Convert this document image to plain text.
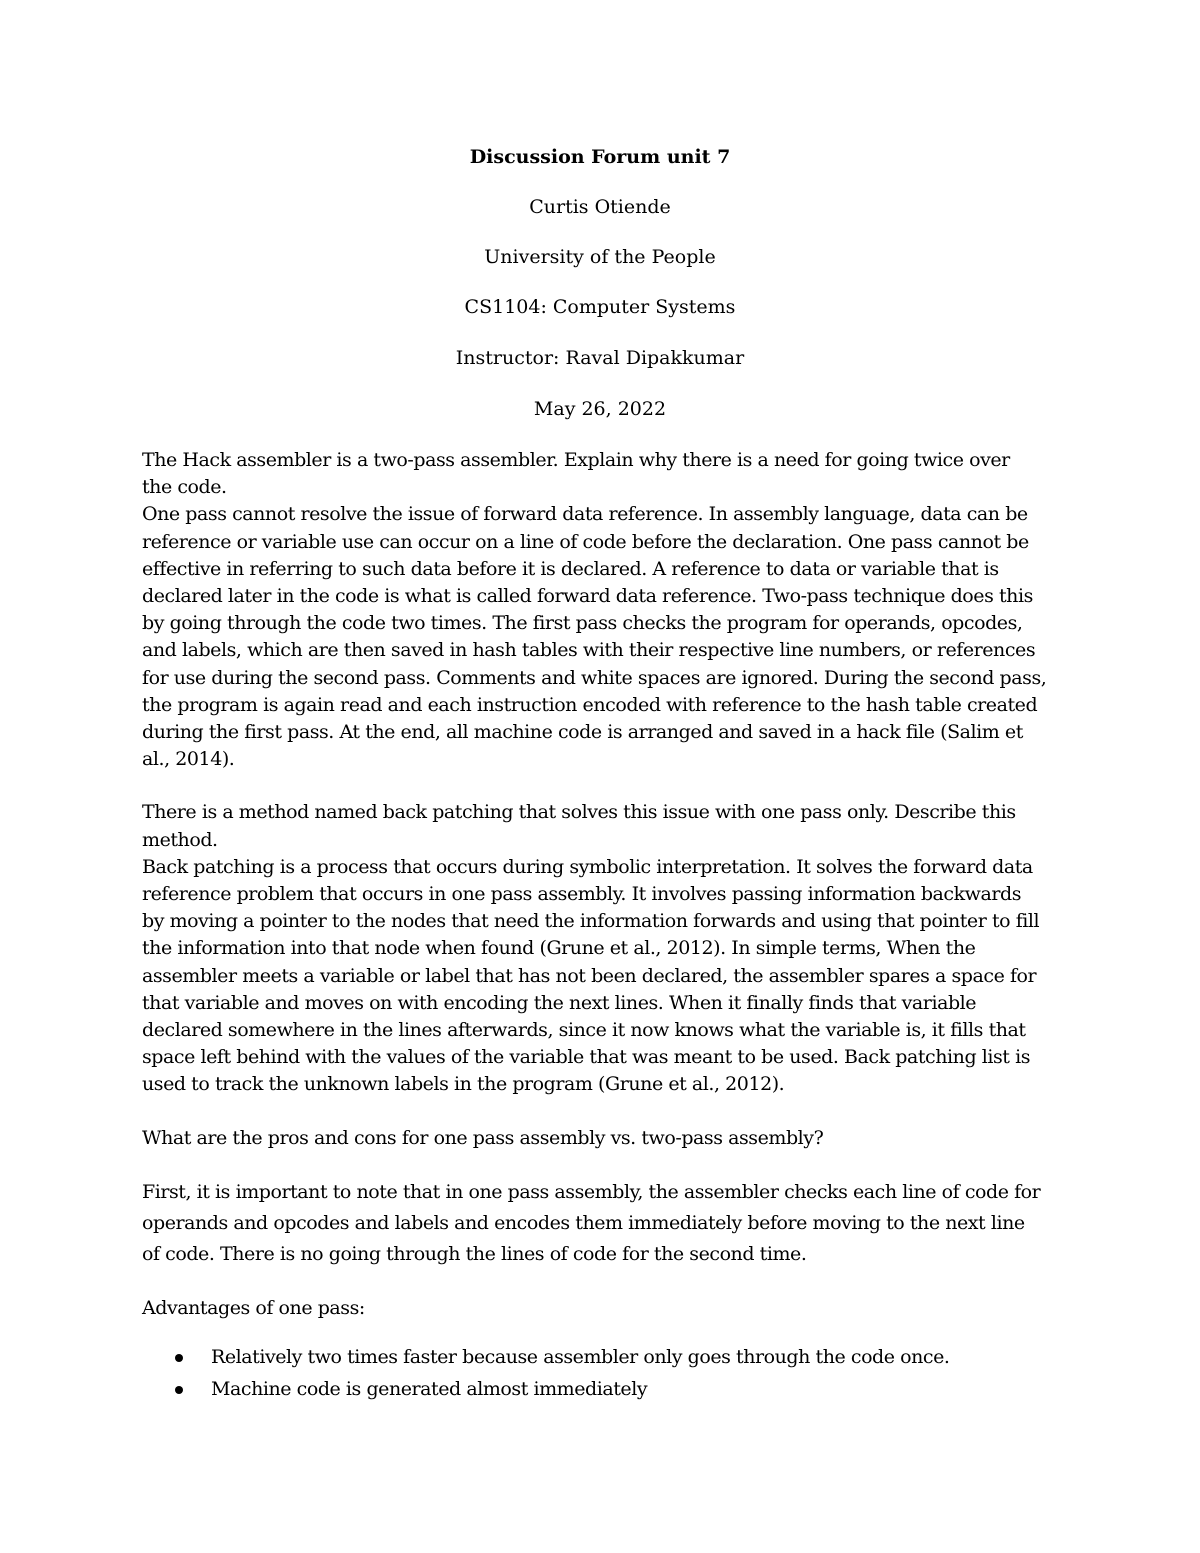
Discussion Forum unit 7

Curtis Otiende

University of the People

CS1104: Computer Systems

Instructor: Raval Dipakkumar

May 26, 2022

The Hack assembler is a two-pass assembler. Explain why there is a need for going twice over
the code.
One pass cannot resolve the issue of forward data reference. In assembly language, data can be
reference or variable use can occur on a line of code before the declaration. One pass cannot be
effective in referring to such data before it is declared. A reference to data or variable that is
declared later in the code is what is called forward data reference. Two-pass technique does this
by going through the code two times. The first pass checks the program for operands, opcodes,
and labels, which are then saved in hash tables with their respective line numbers, or references
for use during the second pass. Comments and white spaces are ignored. During the second pass,
the program is again read and each instruction encoded with reference to the hash table created
during the first pass. At the end, all machine code is arranged and saved in a hack file (Salim et
al., 2014).
There is a method named back patching that solves this issue with one pass only. Describe this
method.
Back patching is a process that occurs during symbolic interpretation. It solves the forward data
reference problem that occurs in one pass assembly. It involves passing information backwards
by moving a pointer to the nodes that need the information forwards and using that pointer to fill
the information into that node when found (Grune et al., 2012). In simple terms, When the
assembler meets a variable or label that has not been declared, the assembler spares a space for
that variable and moves on with encoding the next lines. When it finally finds that variable
declared somewhere in the lines afterwards, since it now knows what the variable is, it fills that
space left behind with the values of the variable that was meant to be used. Back patching list is
used to track the unknown labels in the program (Grune et al., 2012).

What are the pros and cons for one pass assembly vs. two-pass assembly?

First, it is important to note that in one pass assembly, the assembler checks each line of code for
operands and opcodes and labels and encodes them immediately before moving to the next line
of code. There is no going through the lines of code for the second time.

Advantages of one pass:

Relatively two times faster because assembler only goes through the code once.
Machine code is generated almost immediately
